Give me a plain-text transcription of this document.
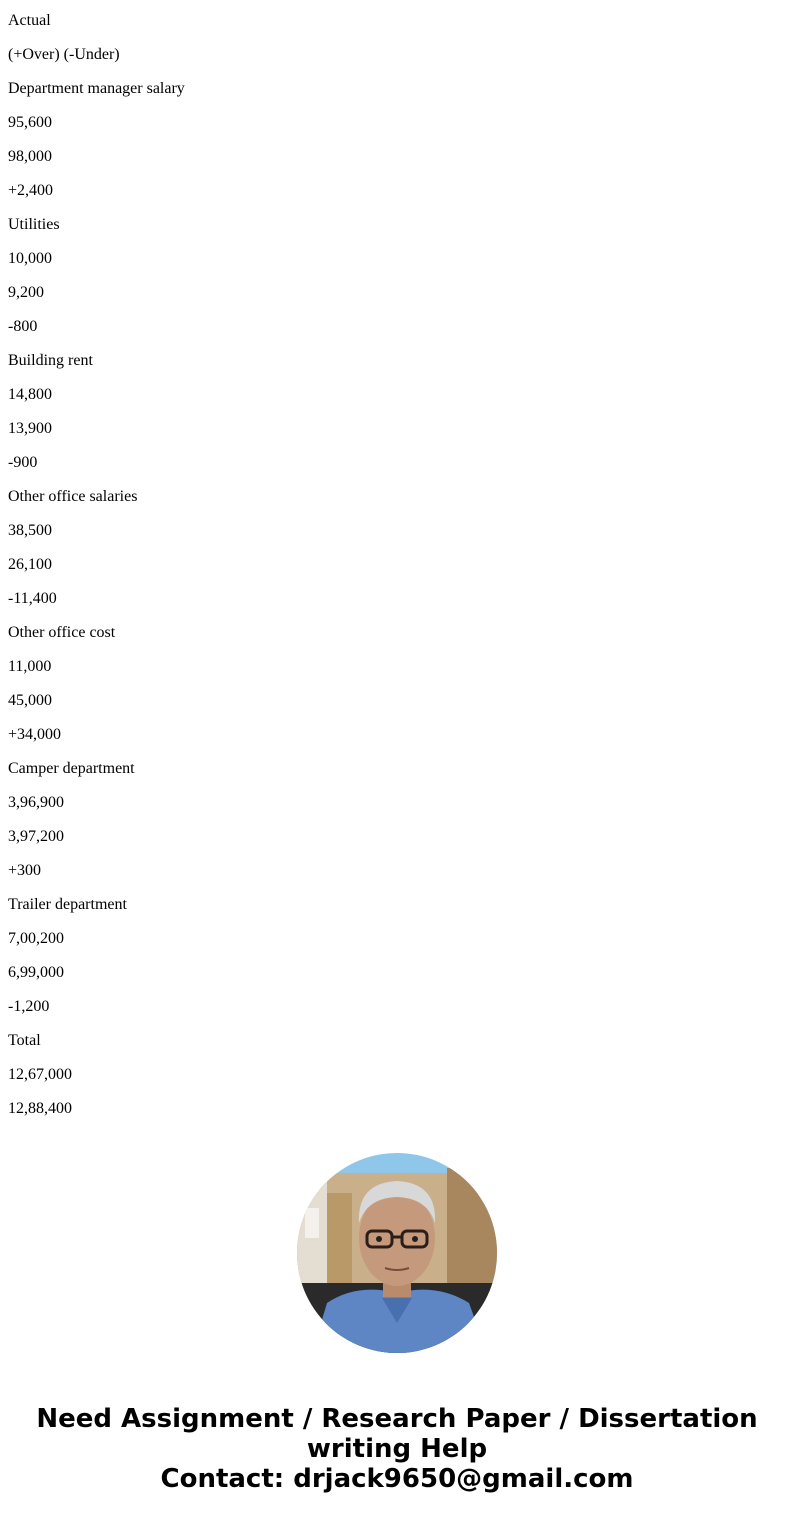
Actual
(+Over) (-Under)
Department manager salary
95,600
98,000
+2,400
Utilities
10,000
9,200
-800
Building rent
14,800
13,900
-900
Other office salaries
38,500
26,100
-11,400
Other office cost
11,000
45,000
+34,000
Camper department
3,96,900
3,97,200
+300
Trailer department
7,00,200
6,99,000
-1,200
Total
12,67,000
12,88,400
Need Assignment / Research Paper / Dissertation
writing Help
Contact: drjack9650@gmail.com
